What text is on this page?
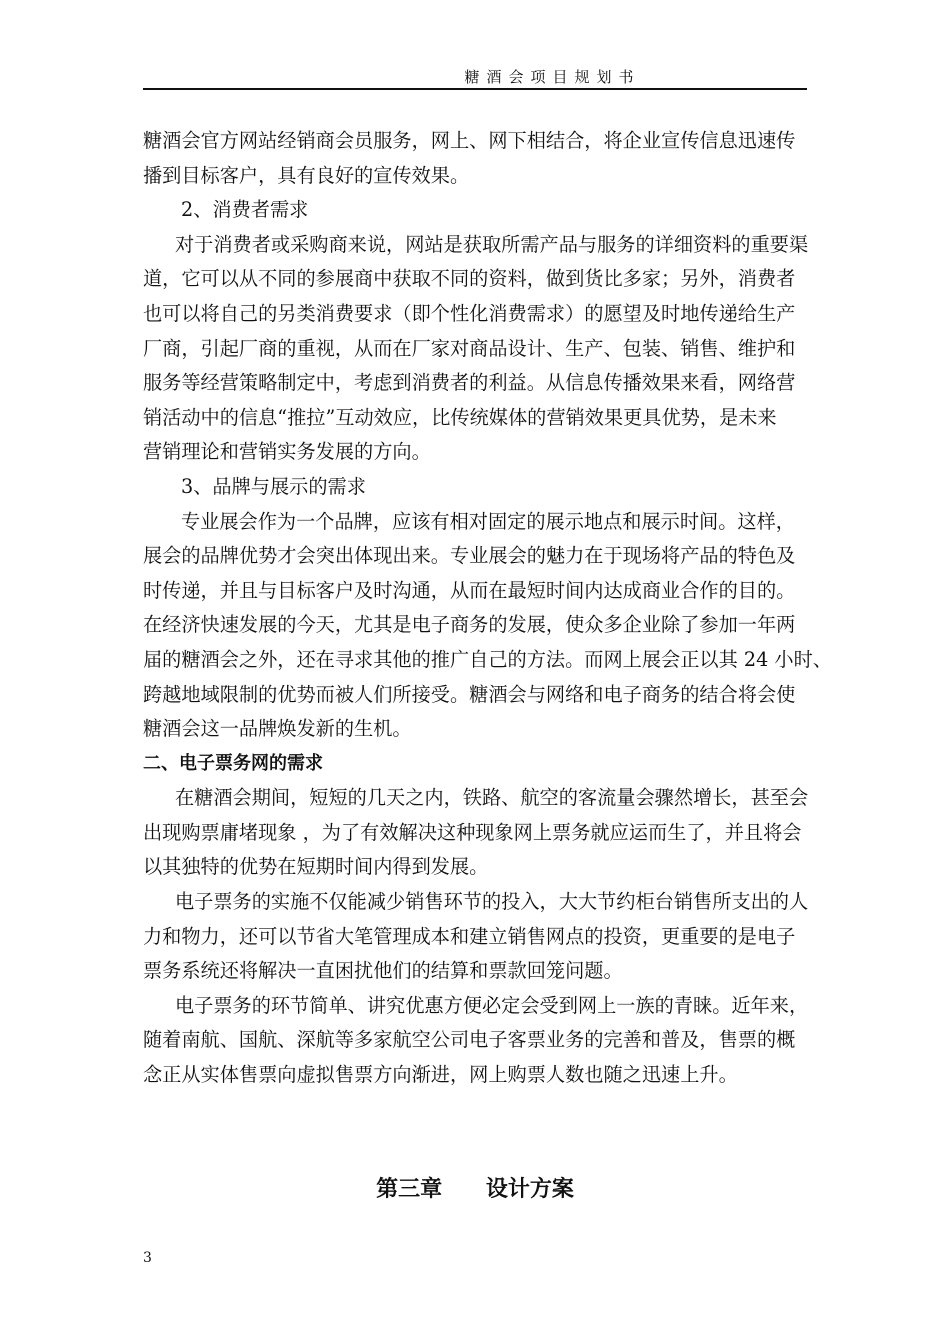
糖酒会项目规划书
糖酒会官方网站经销商会员服务，网上、网下相结合，将企业宣传信息迅速传
播到目标客户，具有良好的宣传效果。
2、消费者需求
对于消费者或采购商来说，网站是获取所需产品与服务的详细资料的重要渠
道，它可以从不同的参展商中获取不同的资料，做到货比多家；另外，消费者
也可以将自己的另类消费要求（即个性化消费需求）的愿望及时地传递给生产
厂商，引起厂商的重视，从而在厂家对商品设计、生产、包装、销售、维护和
服务等经营策略制定中，考虑到消费者的利益。从信息传播效果来看，网络营
销活动中的信息“推拉”互动效应，比传统媒体的营销效果更具优势，是未来
营销理论和营销实务发展的方向。
3、品牌与展示的需求
专业展会作为一个品牌，应该有相对固定的展示地点和展示时间。这样，
展会的品牌优势才会突出体现出来。专业展会的魅力在于现场将产品的特色及
时传递，并且与目标客户及时沟通，从而在最短时间内达成商业合作的目的。
在经济快速发展的今天，尤其是电子商务的发展，使众多企业除了参加一年两
届的糖酒会之外，还在寻求其他的推广自己的方法。而网上展会正以其 24 小时、
跨越地域限制的优势而被人们所接受。糖酒会与网络和电子商务的结合将会使
糖酒会这一品牌焕发新的生机。
二、电子票务网的需求
在糖酒会期间，短短的几天之内，铁路、航空的客流量会骤然增长，甚至会
出现购票庸堵现象 ，为了有效解决这种现象网上票务就应运而生了，并且将会
以其独特的优势在短期时间内得到发展。
电子票务的实施不仅能减少销售环节的投入，大大节约柜台销售所支出的人
力和物力，还可以节省大笔管理成本和建立销售网点的投资，更重要的是电子
票务系统还将解决一直困扰他们的结算和票款回笼问题。
电子票务的环节简单、讲究优惠方便必定会受到网上一族的青睐。近年来，
随着南航、国航、深航等多家航空公司电子客票业务的完善和普及，售票的概
念正从实体售票向虚拟售票方向渐进，网上购票人数也随之迅速上升。
第三章 设计方案
3
